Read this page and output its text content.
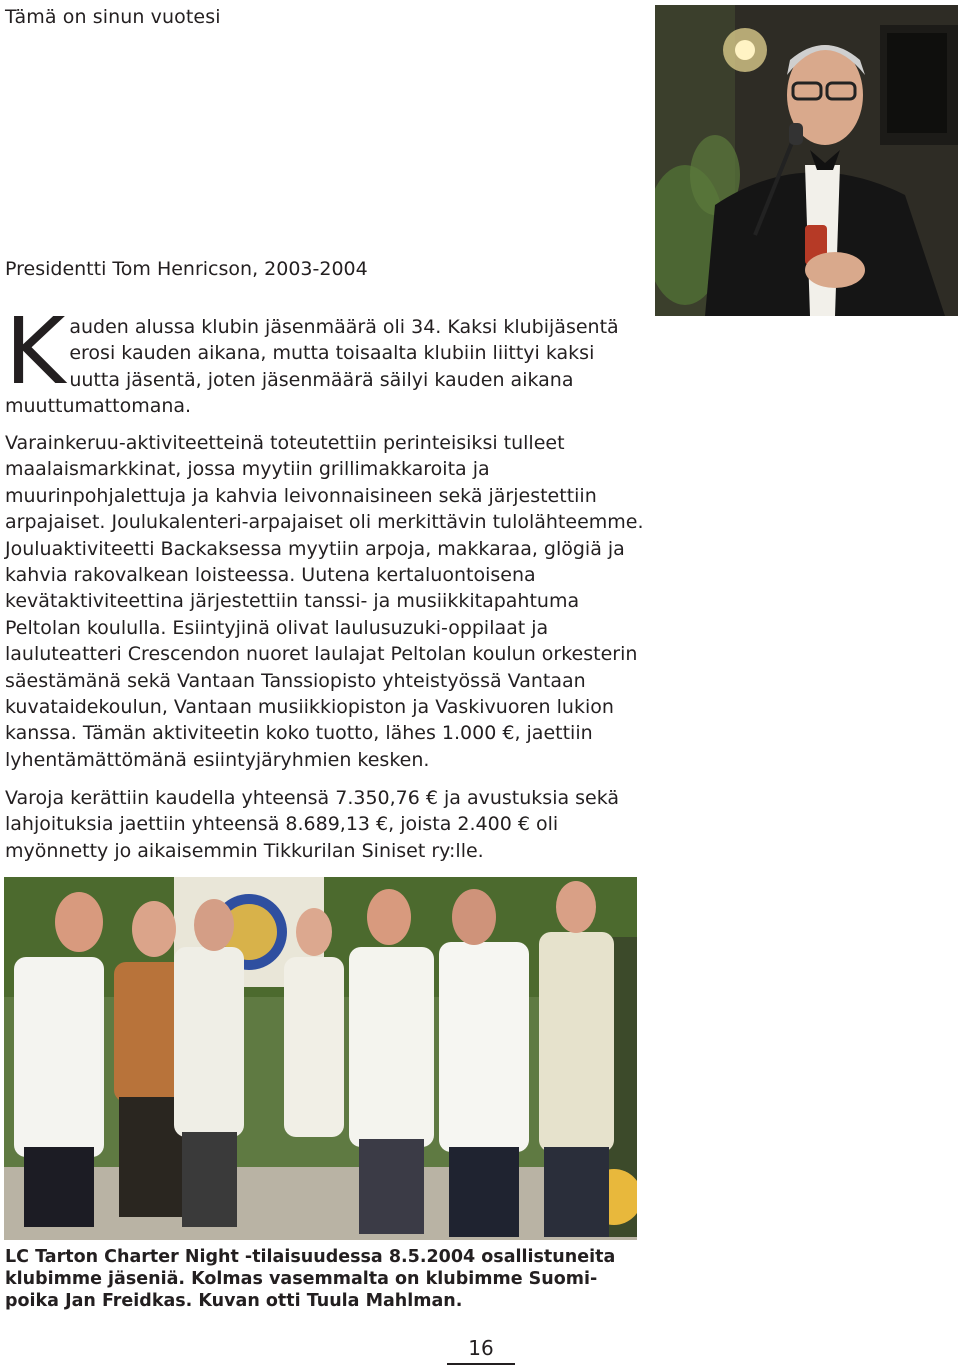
Tämä on sinun vuotesi
Presidentti Tom Henricson, 2003-2004
K auden alussa klubin jäsenmäärä oli 34. Kaksi klubijäsentä erosi kauden aikana, mutta toisaalta klubiin liittyi kaksi uutta jäsentä, joten jäsenmäärä säilyi kauden aikana muuttumattomana.
Varainkeruu-aktiviteetteinä toteutettiin perinteisiksi tulleet maalaismarkkinat, jossa myytiin grillimakkaroita ja muurinpohjalettuja ja kahvia leivonnaisineen sekä järjestettiin arpajaiset. Joulukalenteri-arpajaiset oli merkittävin tulolähteemme. Jouluaktiviteetti Backaksessa myytiin arpoja, makkaraa, glögiä ja kahvia rakovalkean loisteessa. Uutena kertaluontoisena kevätaktiviteettina järjestettiin tanssi- ja musiikkitapahtuma Peltolan koululla. Esiintyjinä olivat laulusuzuki-oppilaat ja lauluteatteri Crescendon nuoret laulajat Peltolan koulun orkesterin säestämänä sekä Vantaan Tanssiopisto yhteistyössä Vantaan kuvataidekoulun, Vantaan musiikkiopiston ja Vaskivuoren lukion kanssa. Tämän aktiviteetin koko tuotto, lähes 1.000 €, jaettiin lyhentämättömänä esiintyjäryhmien kesken.
Varoja kerättiin kaudella yhteensä 7.350,76 € ja avustuksia sekä lahjoituksia jaettiin yhteensä 8.689,13 €, joista 2.400 € oli myönnetty jo aikaisemmin Tikkurilan Siniset ry:lle.
LC Tarton Charter Night -tilaisuudessa 8.5.2004 osallistuneita klubimme jäseniä. Kolmas vasemmalta on klubimme Suomi-poika Jan Freidkas. Kuvan otti Tuula Mahlman.
16
